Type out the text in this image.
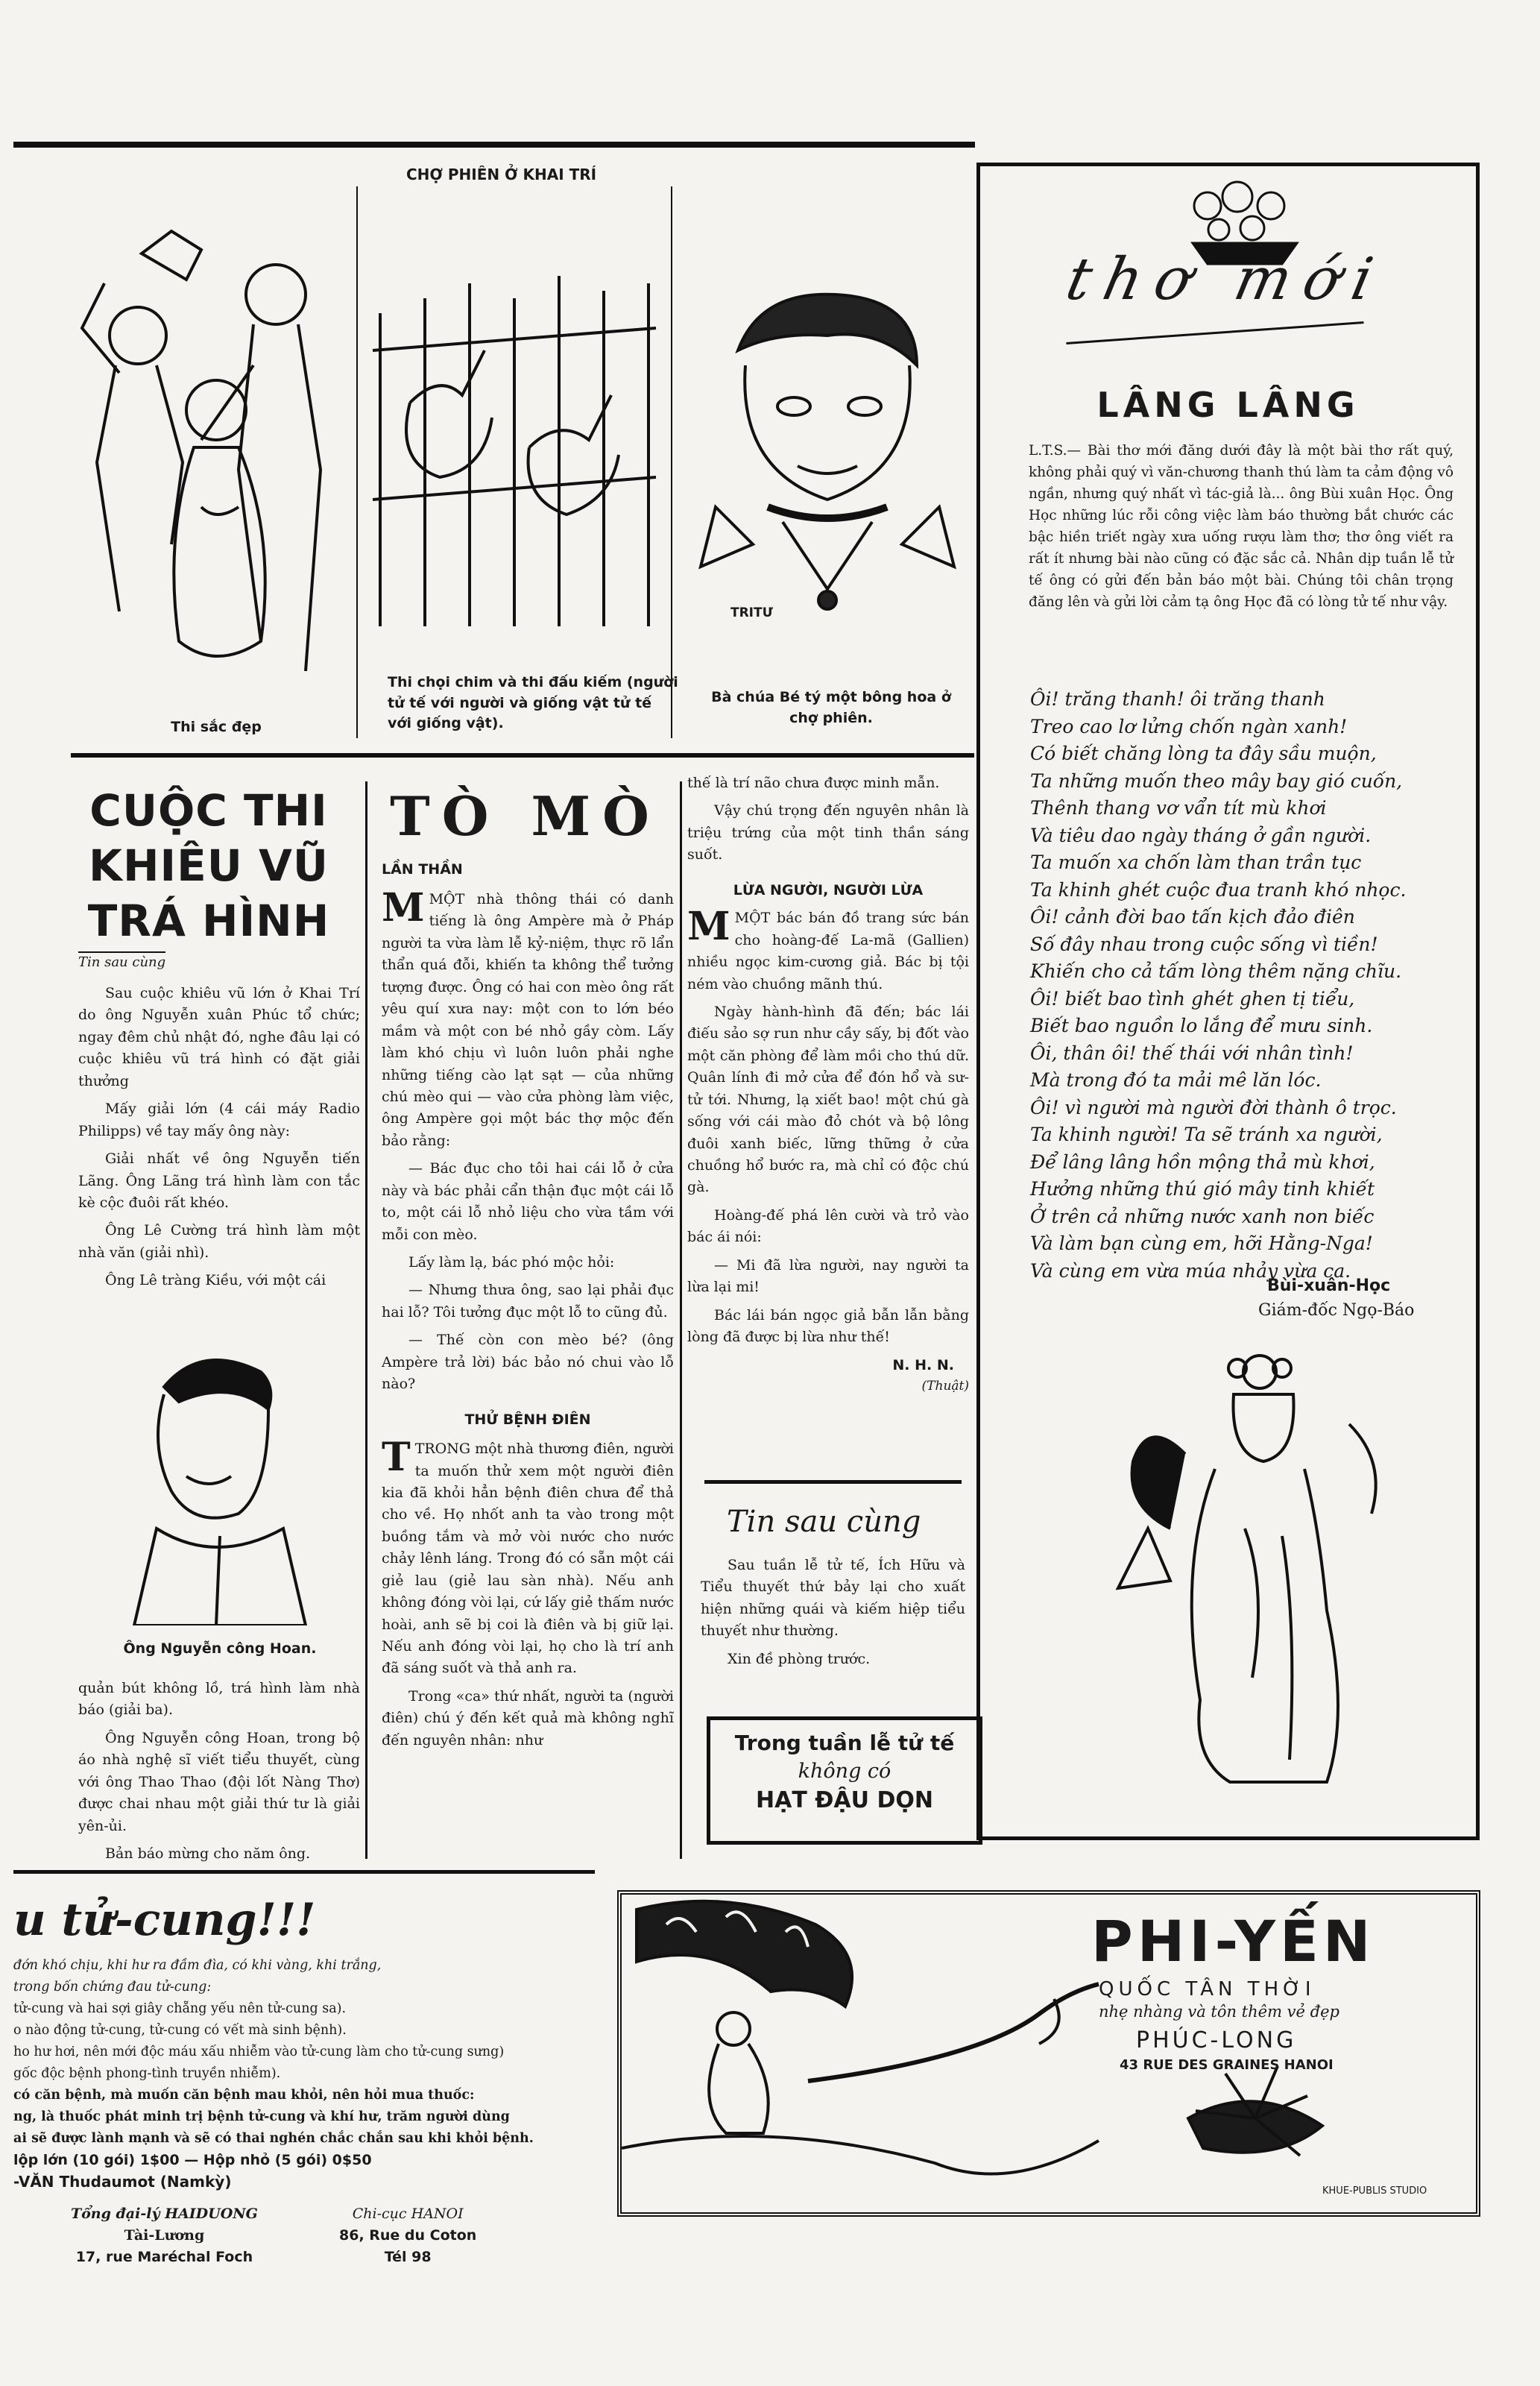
CHỢ PHIÊN Ở KHAI TRÍ
Thi sắc đẹp
Thi chọi chim và thi đấu kiếm (người tử tế với người và giống vật tử tế với giống vật).
TRITƯ
Bà chúa Bé tý một bông hoa ở chợ phiên.
thơ mới
LÂNG LÂNG
L.T.S.— Bài thơ mới đăng dưới đây là một bài thơ rất quý, không phải quý vì văn-chương thanh thú làm ta cảm động vô ngần, nhưng quý nhất vì tác-giả là... ông Bùi xuân Học. Ông Học những lúc rỗi công việc làm báo thường bắt chước các bậc hiền triết ngày xưa uống rượu làm thơ; thơ ông viết ra rất ít nhưng bài nào cũng có đặc sắc cả. Nhân dịp tuần lễ tử tế ông có gửi đến bản báo một bài. Chúng tôi chân trọng đăng lên và gửi lời cảm tạ ông Học đã có lòng tử tế như vậy.

Ôi! trăng thanh! ôi trăng thanh

Treo cao lơ lửng chốn ngàn xanh!

Có biết chăng lòng ta đây sầu muộn,

Ta những muốn theo mây bay gió cuốn,

Thênh thang vơ vẩn tít mù khơi

Và tiêu dao ngày tháng ở gần người.

Ta muốn xa chốn làm than trần tục

Ta khinh ghét cuộc đua tranh khó nhọc.

Ôi! cảnh đời bao tấn kịch đảo điên

Số đây nhau trong cuộc sống vì tiền!

Khiến cho cả tấm lòng thêm nặng chĩu.

Ôi! biết bao tình ghét ghen tị tiểu,

Biết bao nguồn lo lắng để mưu sinh.

Ôi, thân ôi! thế thái với nhân tình!

Mà trong đó ta mải mê lăn lóc.

Ôi! vì người mà người đời thành ô trọc.

Ta khinh người! Ta sẽ tránh xa người,

Để lâng lâng hồn mộng thả mù khơi,

Hưởng những thú gió mây tinh khiết

Ở trên cả những nước xanh non biếc

Và làm bạn cùng em, hỡi Hằng-Nga!

Và cùng em vừa múa nhảy vừa ca.

Bùi-xuân-Học
Giám-đốc Ngọ-Báo
CUỘC THI KHIÊU VŨ TRÁ HÌNH
Tin sau cùng

Sau cuộc khiêu vũ lớn ở Khai Trí do ông Nguyễn xuân Phúc tổ chức; ngay đêm chủ nhật đó, nghe đâu lại có cuộc khiêu vũ trá hình có đặt giải thưởng

Mấy giải lớn (4 cái máy Radio Philipps) về tay mấy ông này:

Giải nhất về ông Nguyễn tiến Lãng. Ông Lãng trá hình làm con tắc kè cộc đuôi rất khéo.

Ông Lê Cường trá hình làm một nhà văn (giải nhì).

Ông Lê tràng Kiều, với một cái

Ông Nguyễn công Hoan.

quản bút không lồ, trá hình làm nhà báo (giải ba).

Ông Nguyễn công Hoan, trong bộ áo nhà nghệ sĩ viết tiểu thuyết, cùng với ông Thao Thao (đội lốt Nàng Thơ) được chai nhau một giải thứ tư là giải yên-ủi.

Bản báo mừng cho năm ông.

TÒ MÒ
LẦN THẦN

MMỘT nhà thông thái có danh tiếng là ông Ampère mà ở Pháp người ta vừa làm lễ kỷ-niệm, thực rõ lẩn thẩn quá đỗi, khiến ta không thể tưởng tượng được. Ông có hai con mèo ông rất yêu quí xưa nay: một con to lớn béo mầm và một con bé nhỏ gầy còm. Lấy làm khó chịu vì luôn luôn phải nghe những tiếng cào lạt sạt — của những chú mèo qui — vào cửa phòng làm việc, ông Ampère gọi một bác thợ mộc đến bảo rằng:

— Bác đục cho tôi hai cái lỗ ở cửa này và bác phải cẩn thận đục một cái lỗ to, một cái lỗ nhỏ liệu cho vừa tầm với mỗi con mèo.

Lấy làm lạ, bác phó mộc hỏi:

— Nhưng thưa ông, sao lại phải đục hai lỗ? Tôi tưởng đục một lỗ to cũng đủ.

— Thế còn con mèo bé? (ông Ampère trả lời) bác bảo nó chui vào lỗ nào?

THỬ BỆNH ĐIÊN

TTRONG một nhà thương điên, người ta muốn thử xem một người điên kia đã khỏi hẳn bệnh điên chưa để thả cho về. Họ nhốt anh ta vào trong một buồng tắm và mở vòi nước cho nước chảy lênh láng. Trong đó có sẵn một cái giẻ lau (giẻ lau sàn nhà). Nếu anh không đóng vòi lại, cứ lấy giẻ thấm nước hoài, anh sẽ bị coi là điên và bị giữ lại. Nếu anh đóng vòi lại, họ cho là trí anh đã sáng suốt và thả anh ra.

Trong «ca» thứ nhất, người ta (người điên) chú ý đến kết quả mà không nghĩ đến nguyên nhân: như

thế là trí não chưa được minh mẫn.

Vậy chú trọng đến nguyên nhân là triệu trứng của một tinh thần sáng suốt.

LỪA NGƯỜI, NGƯỜI LỪA

MMỘT bác bán đồ trang sức bán cho hoàng-đế La-mã (Gallien) nhiều ngọc kim-cương giả. Bác bị tội ném vào chuồng mãnh thú.

Ngày hành-hình đã đến; bác lái điếu sảo sợ run như cầy sấy, bị đốt vào một căn phòng để làm mồi cho thú dữ. Quân lính đi mở cửa để đón hổ và sư-tử tới. Nhưng, lạ xiết bao! một chú gà sống với cái mào đỏ chót và bộ lông đuôi xanh biếc, lững thững ở cửa chuồng hổ bước ra, mà chỉ có độc chú gà.

Hoàng-đế phá lên cười và trỏ vào bác ái nói:

— Mi đã lừa người, nay người ta lừa lại mi!

Bác lái bán ngọc giả bẫn lẫn bằng lòng đã được bị lừa như thế!

N. H. N.
(Thuật)
Tin sau cùng

Sau tuần lễ tử tế, Ích Hữu và Tiểu thuyết thứ bảy lại cho xuất hiện những quái và kiếm hiệp tiểu thuyết như thường.

Xin đề phòng trước.

Trong tuần lễ tử tế
không có
HẠT ĐẬU DỌN
u tử-cung!!!
đớn khó chịu, khi hư ra đầm đìa, có khi vàng, khi trắng,
trong bốn chứng đau tử-cung:
tử-cung và hai sợi giây chẵng yếu nên tử-cung sa).
o nào động tử-cung, tử-cung có vết mà sinh bệnh).
ho hư hơi, nên mới độc máu xấu nhiễm vào tử-cung làm cho tử-cung sưng)
gốc độc bệnh phong-tình truyền nhiễm).
có căn bệnh, mà muốn căn bệnh mau khỏi, nên hỏi mua thuốc:
ng, là thuốc phát minh trị bệnh tử-cung và khí hư, trăm người dùng
ai sẽ được lành mạnh và sẽ có thai nghén chắc chắn sau khi khỏi bệnh.
lộp lớn (10 gói) 1$00 — Hộp nhỏ (5 gói) 0$50
-VĂN Thudaumot (Namkỳ)
Tổng đại-lý HAIDUONG
Tài-Lương
17, rue Maréchal Foch
Chi-cục HANOI
86, Rue du Coton
Tél 98
PHI-YẾN
QUỐC TÂN THỜI
nhẹ nhàng và tôn thêm vẻ đẹp
PHÚC-LONG
43 RUE DES GRAINES HANOI
KHUE-PUBLIS STUDIO
